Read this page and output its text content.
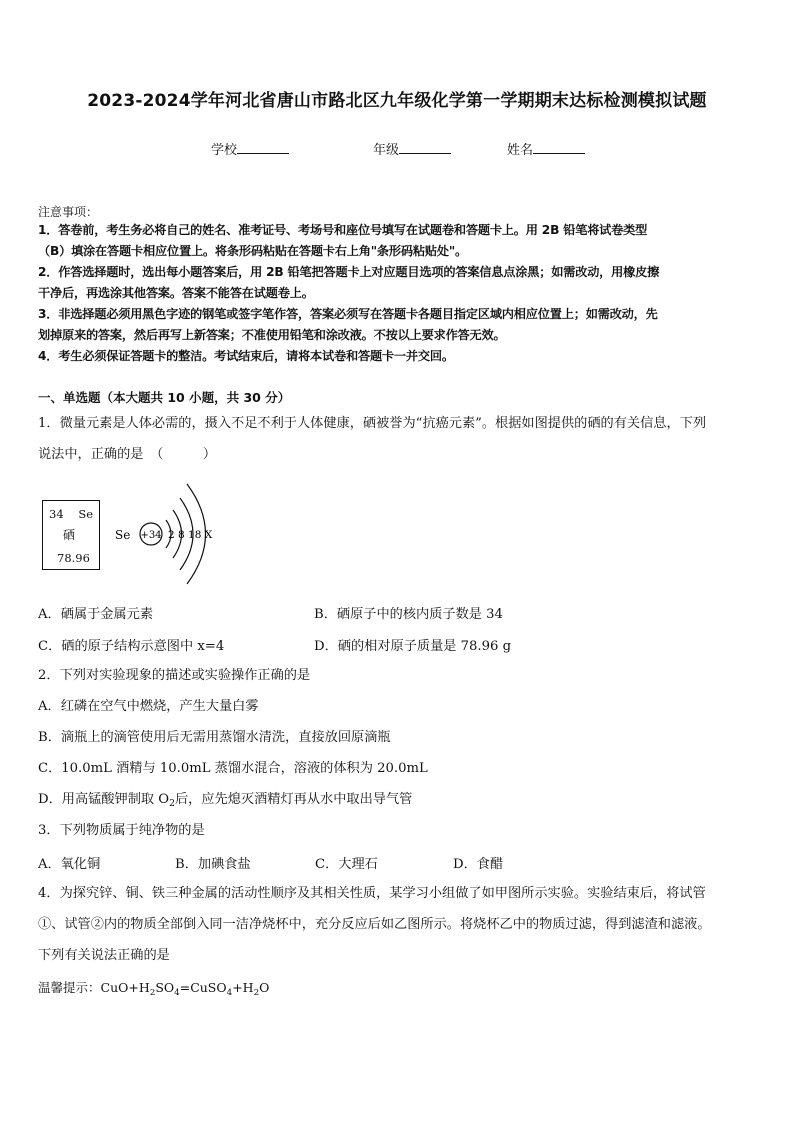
2023-2024学年河北省唐山市路北区九年级化学第一学期期末达标检测模拟试题
学校	年级	姓名
注意事项：
1．答卷前，考生务必将自己的姓名、准考证号、考场号和座位号填写在试题卷和答题卡上。用 2B 铅笔将试卷类型
（B）填涂在答题卡相应位置上。将条形码粘贴在答题卡右上角"条形码粘贴处"。
2．作答选择题时，选出每小题答案后，用 2B 铅笔把答题卡上对应题目选项的答案信息点涂黑；如需改动，用橡皮擦
干净后，再选涂其他答案。答案不能答在试题卷上。
3．非选择题必须用黑色字迹的钢笔或签字笔作答，答案必须写在答题卡各题目指定区域内相应位置上；如需改动，先
划掉原来的答案，然后再写上新答案；不准使用铅笔和涂改液。不按以上要求作答无效。
4．考生必须保证答题卡的整洁。考试结束后，请将本试卷和答题卡一并交回。
一、单选题（本大题共 10 小题，共 30 分）
1．微量元素是人体必需的，摄入不足不利于人体健康，硒被誉为“抗癌元素”。根据如图提供的硒的有关信息，下列
说法中，正确的是　（　　　）
34 Se
硒
78.96
Se +34 2 8 18 X
A．硒属于金属元素	B．硒原子中的核内质子数是 34
C．硒的原子结构示意图中 x=4	D．硒的相对原子质量是 78.96 g
2．下列对实验现象的描述或实验操作正确的是
A．红磷在空气中燃烧，产生大量白雾
B．滴瓶上的滴管使用后无需用蒸馏水清洗，直接放回原滴瓶
C．10.0mL 酒精与 10.0mL 蒸馏水混合，溶液的体积为 20.0mL
D．用高锰酸钾制取 $O_2$后，应先熄灭酒精灯再从水中取出导气管
3．下列物质属于纯净物的是
A．氧化铜	B．加碘食盐	C．大理石	D．食醋
4．为探究锌、铜、铁三种金属的活动性顺序及其相关性质，某学习小组做了如甲图所示实验。实验结束后，将试管
①、试管②内的物质全部倒入同一洁净烧杯中，充分反应后如乙图所示。将烧杯乙中的物质过滤，得到滤渣和滤液。
下列有关说法正确的是
温馨提示：$CuO+H_2SO_4=CuSO_4+H_2O$
